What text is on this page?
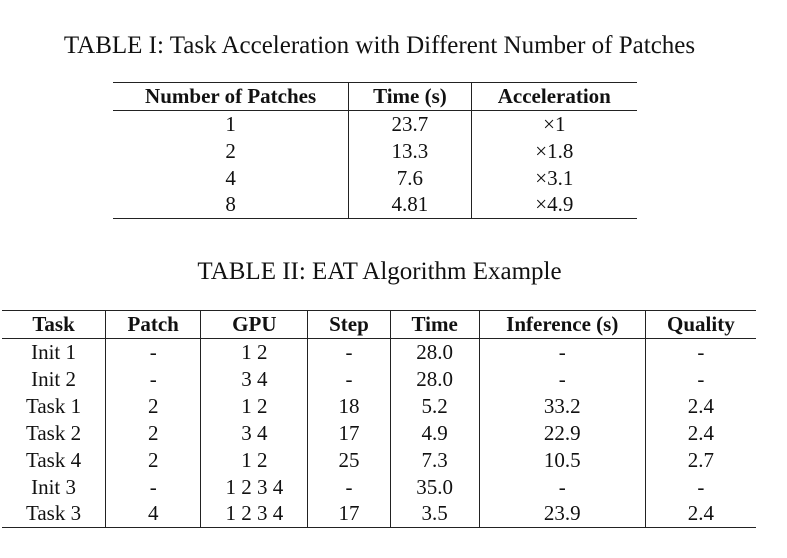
TABLE I: Task Acceleration with Different Number of Patches
Number of Patches	Time (s)	Acceleration
1	23.7	×1
2	13.3	×1.8
4	7.6	×3.1
8	4.81	×4.9
TABLE II: EAT Algorithm Example
Task	Patch	GPU	Step	Time	Inference (s)	Quality
Init 1	-	1 2	-	28.0	-	-
Init 2	-	3 4	-	28.0	-	-
Task 1	2	1 2	18	5.2	33.2	2.4
Task 2	2	3 4	17	4.9	22.9	2.4
Task 4	2	1 2	25	7.3	10.5	2.7
Init 3	-	1 2 3 4	-	35.0	-	-
Task 3	4	1 2 3 4	17	3.5	23.9	2.4
